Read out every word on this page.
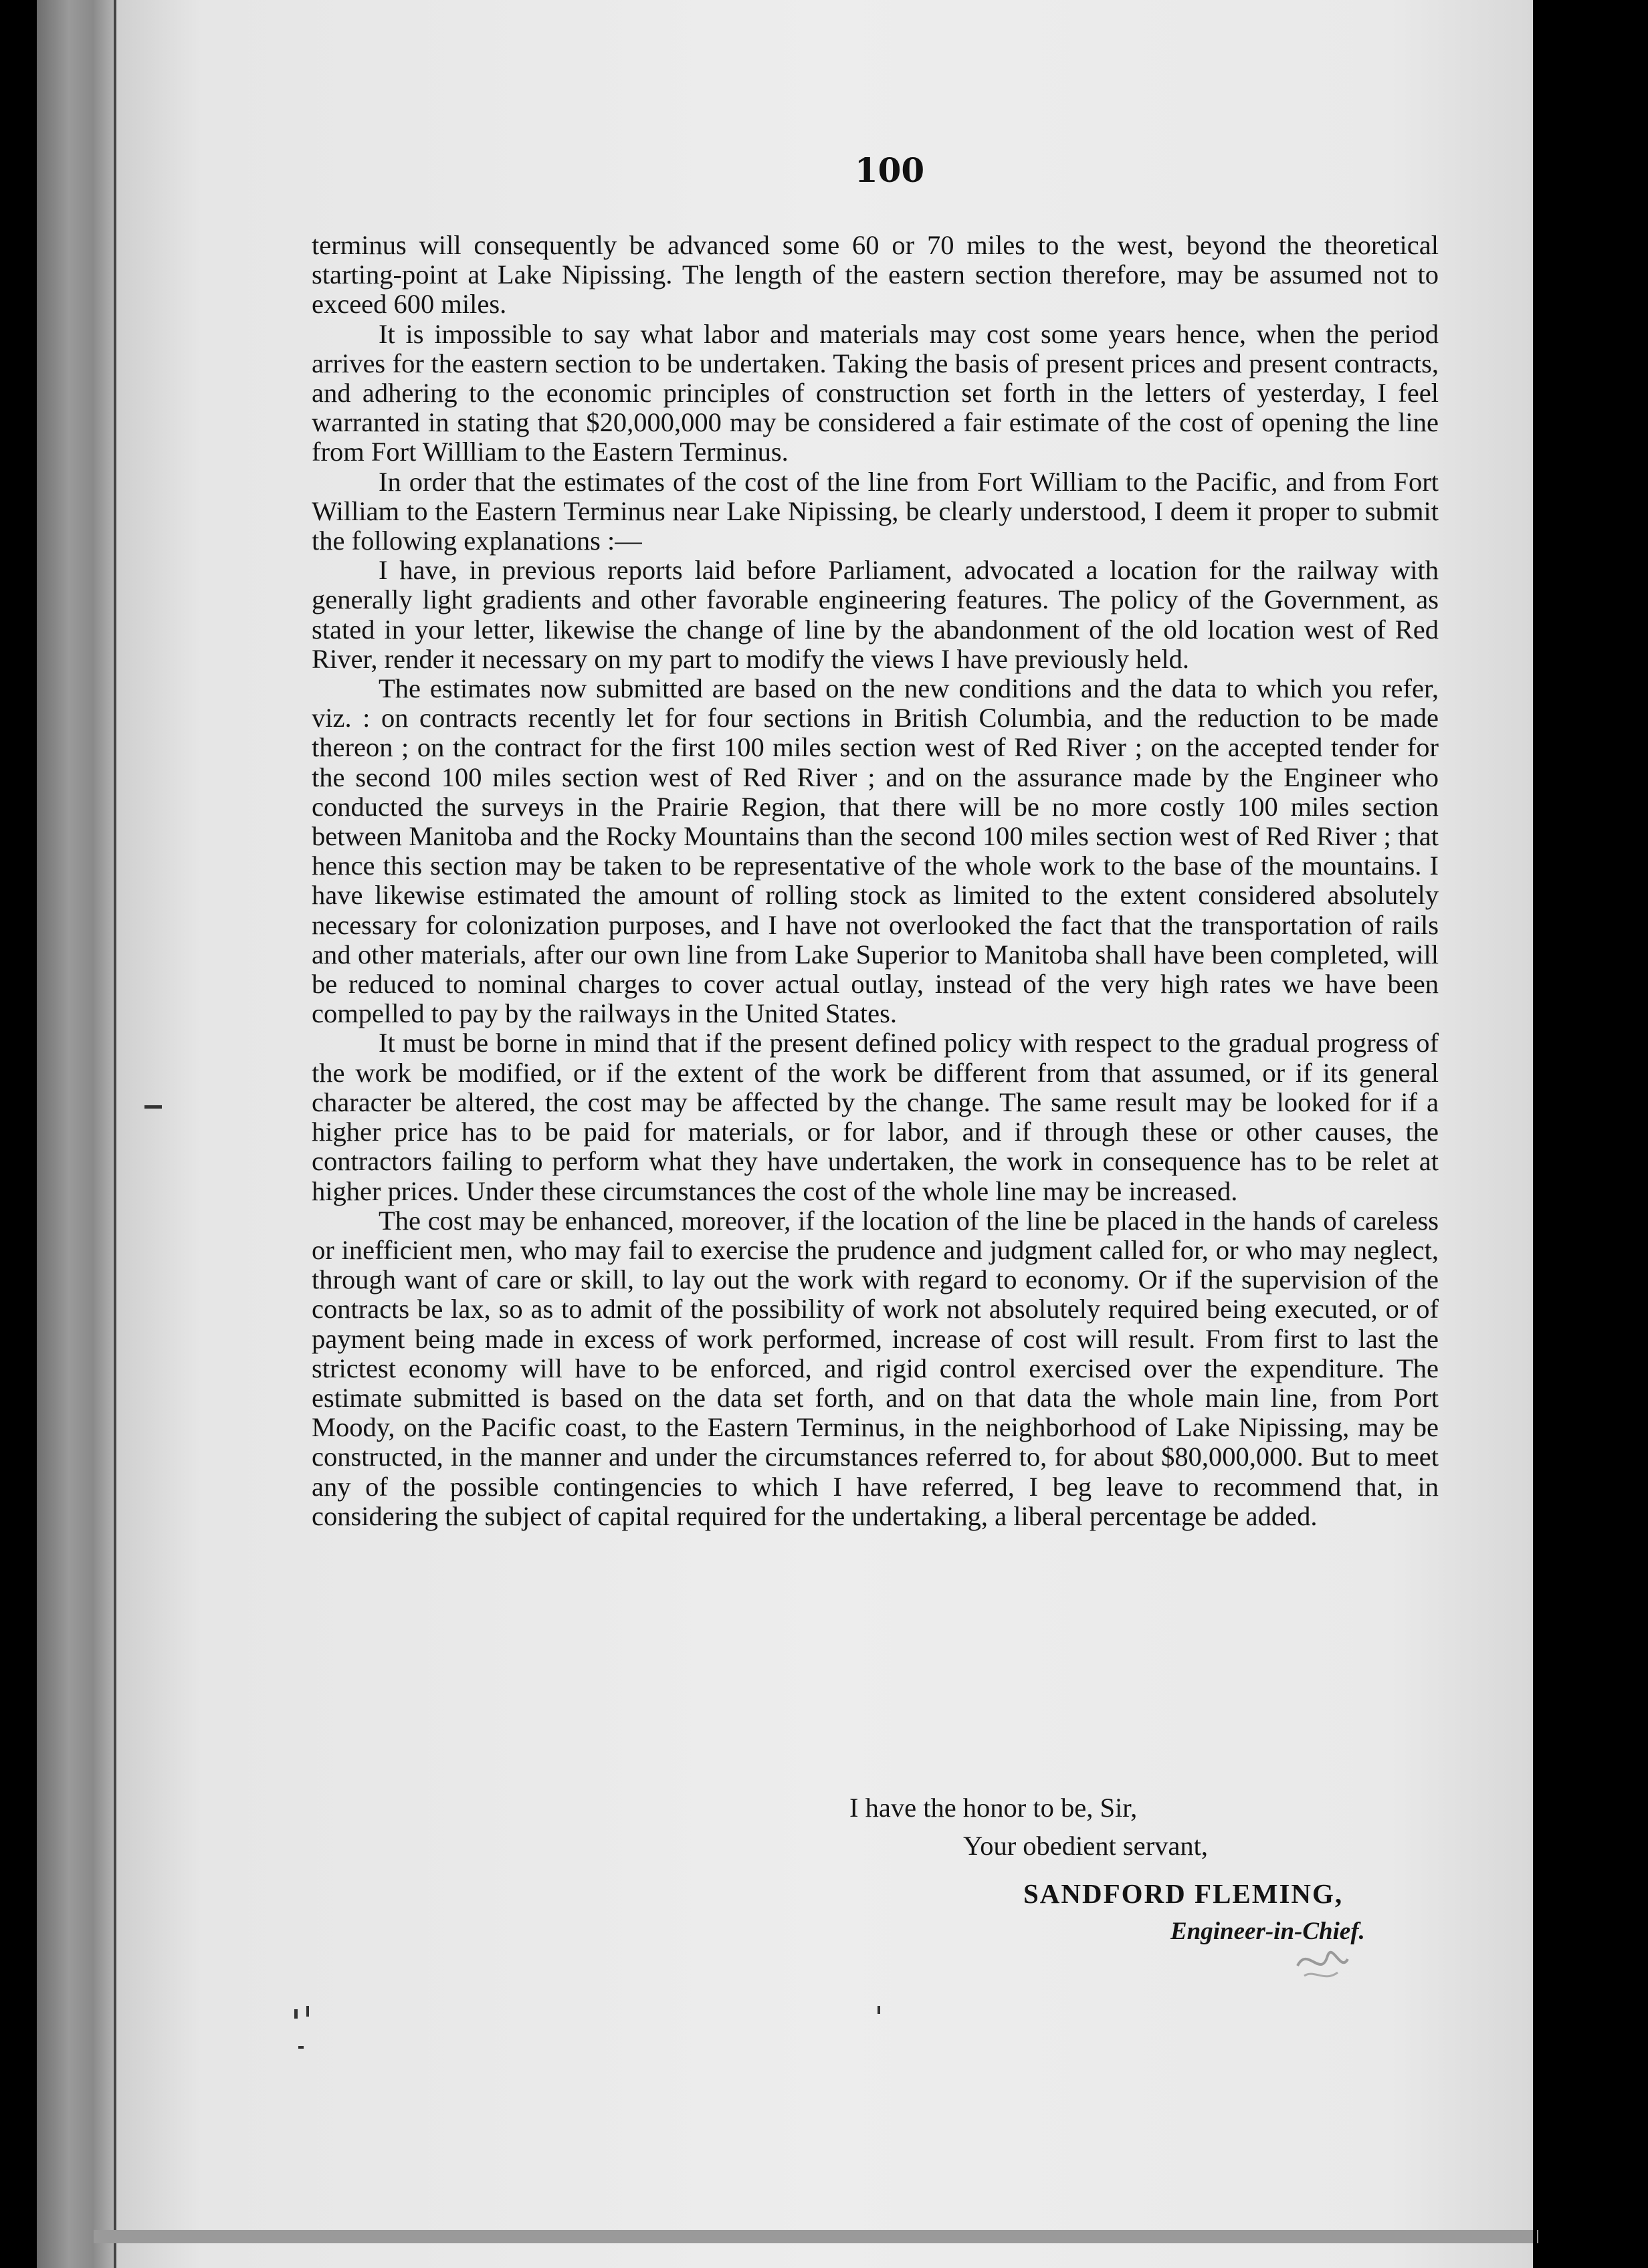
100

terminus will consequently be advanced some 60 or 70 miles to the west, beyond the theoretical starting-point at Lake Nipissing. The length of the eastern section therefore, may be assumed not to exceed 600 miles.

It is impossible to say what labor and materials may cost some years hence, when the period arrives for the eastern section to be undertaken. Taking the basis of present prices and present contracts, and adhering to the economic principles of construction set forth in the letters of yesterday, I feel warranted in stating that $20,000,000 may be considered a fair estimate of the cost of opening the line from Fort Willliam to the Eastern Terminus.

In order that the estimates of the cost of the line from Fort William to the Pacific, and from Fort William to the Eastern Terminus near Lake Nipissing, be clearly understood, I deem it proper to submit the following explanations :—

I have, in previous reports laid before Parliament, advocated a location for the railway with generally light gradients and other favorable engineering features. The policy of the Government, as stated in your letter, likewise the change of line by the abandonment of the old location west of Red River, render it necessary on my part to modify the views I have previously held.

The estimates now submitted are based on the new conditions and the data to which you refer, viz. : on contracts recently let for four sections in British Columbia, and the reduction to be made thereon ; on the contract for the first 100 miles section west of Red River ; on the accepted tender for the second 100 miles section west of Red River ; and on the assurance made by the Engineer who conducted the surveys in the Prairie Region, that there will be no more costly 100 miles section between Manitoba and the Rocky Mountains than the second 100 miles section west of Red River ; that hence this section may be taken to be representative of the whole work to the base of the mountains. I have likewise estimated the amount of rolling stock as limited to the extent considered absolutely necessary for colonization purposes, and I have not overlooked the fact that the transportation of rails and other materials, after our own line from Lake Superior to Manitoba shall have been completed, will be reduced to nominal charges to cover actual outlay, instead of the very high rates we have been compelled to pay by the railways in the United States.

It must be borne in mind that if the present defined policy with respect to the gradual progress of the work be modified, or if the extent of the work be different from that assumed, or if its general character be altered, the cost may be affected by the change. The same result may be looked for if a higher price has to be paid for materials, or for labor, and if through these or other causes, the contractors failing to perform what they have undertaken, the work in consequence has to be relet at higher prices. Under these circumstances the cost of the whole line may be increased.

The cost may be enhanced, moreover, if the location of the line be placed in the hands of careless or inefficient men, who may fail to exercise the prudence and judgment called for, or who may neglect, through want of care or skill, to lay out the work with regard to economy. Or if the supervision of the contracts be lax, so as to admit of the possibility of work not absolutely required being executed, or of payment being made in excess of work performed, increase of cost will result. From first to last the strictest economy will have to be enforced, and rigid control exercised over the expenditure. The estimate submitted is based on the data set forth, and on that data the whole main line, from Port Moody, on the Pacific coast, to the Eastern Terminus, in the neighborhood of Lake Nipissing, may be constructed, in the manner and under the circumstances referred to, for about $80,000,000. But to meet any of the possible contingencies to which I have referred, I beg leave to recommend that, in considering the subject of capital required for the undertaking, a liberal percentage be added.

I have the honor to be, Sir,
Your obedient servant,
SANDFORD FLEMING,
Engineer-in-Chief.
